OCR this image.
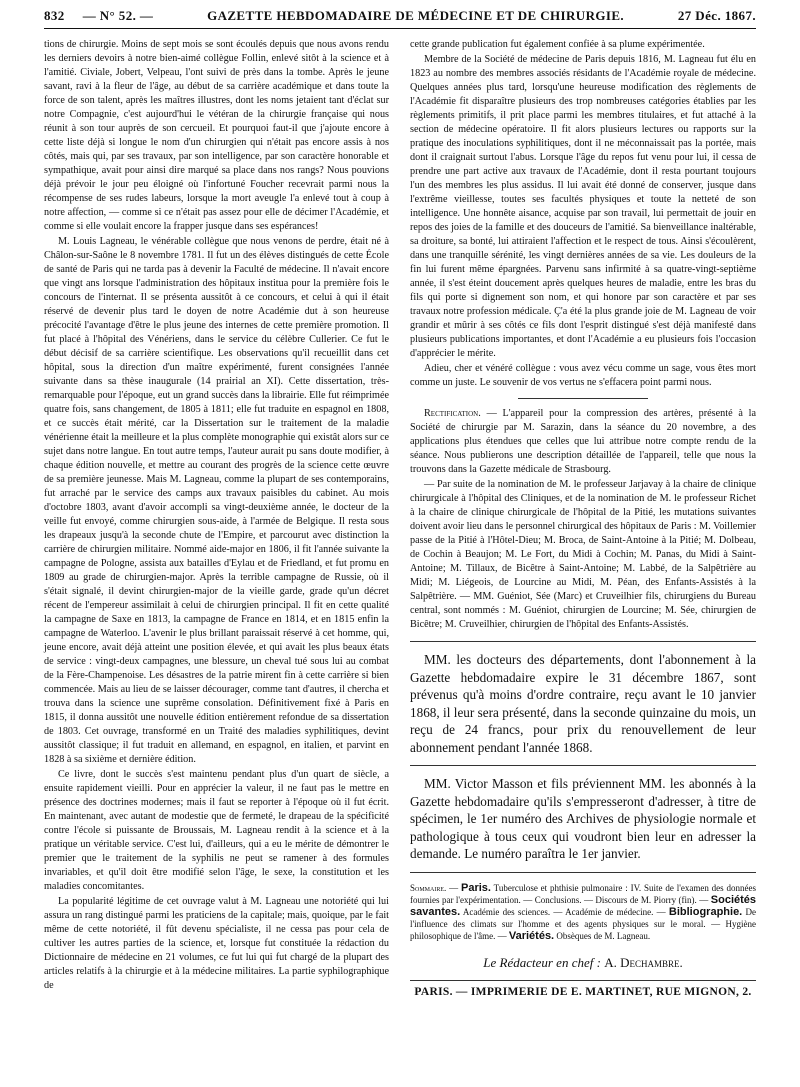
832 — N° 52. —	GAZETTE HEBDOMADAIRE DE MÉDECINE ET DE CHIRURGIE.	27 Déc. 1867.

tions de chirurgie. Moins de sept mois se sont écoulés depuis que nous avons rendu les derniers devoirs à notre bien-aimé collègue Follin, enlevé sitôt à la science et à l'amitié. Civiale, Jobert, Velpeau, l'ont suivi de près dans la tombe. Après le jeune savant, ravi à la fleur de l'âge, au début de sa carrière académique et dans toute la force de son talent, après les maîtres illustres, dont les noms jetaient tant d'éclat sur notre Compagnie, c'est aujourd'hui le vétéran de la chirurgie française qui nous réunit à son tour auprès de son cercueil. Et pourquoi faut-il que j'ajoute encore à cette liste déjà si longue le nom d'un chirurgien qui n'était pas encore assis à nos côtés, mais qui, par ses travaux, par son intelligence, par son caractère honorable et sympathique, avait pour ainsi dire marqué sa place dans nos rangs? Nous pouvions déjà prévoir le jour peu éloigné où l'infortuné Foucher recevrait parmi nous la récompense de ses rudes labeurs, lorsque la mort aveugle l'a enlevé tout à coup à notre affection, — comme si ce n'était pas assez pour elle de décimer l'Académie, et comme si elle voulait encore la frapper jusque dans ses espérances!

M. Louis Lagneau, le vénérable collègue que nous venons de perdre, était né à Châlon-sur-Saône le 8 novembre 1781. Il fut un des élèves distingués de cette École de santé de Paris qui ne tarda pas à devenir la Faculté de médecine. Il n'avait encore que vingt ans lorsque l'administration des hôpitaux institua pour la première fois le concours de l'internat. Il se présenta aussitôt à ce concours, et celui à qui il était réservé de devenir plus tard le doyen de notre Académie dut à son heureuse précocité l'avantage d'être le plus jeune des internes de cette première promotion. Il fut placé à l'hôpital des Vénériens, dans le service du célèbre Cullerier. Ce fut le début décisif de sa carrière scientifique. Les observations qu'il recueillit dans cet hôpital, sous la direction d'un maître expérimenté, furent consignées l'année suivante dans sa thèse inaugurale (14 prairial an XI). Cette dissertation, très-remarquable pour l'époque, eut un grand succès dans la librairie. Elle fut réimprimée quatre fois, sans changement, de 1805 à 1811; elle fut traduite en espagnol en 1808, et ce succès était mérité, car la Dissertation sur le traitement de la maladie vénérienne était la meilleure et la plus complète monographie qui existât alors sur ce sujet dans notre langue. En tout autre temps, l'auteur aurait pu sans doute modifier, à chaque édition nouvelle, et mettre au courant des progrès de la science cette œuvre de sa première jeunesse. Mais M. Lagneau, comme la plupart de ses contemporains, fut arraché par le service des camps aux travaux paisibles du cabinet. Au mois d'octobre 1803, avant d'avoir accompli sa vingt-deuxième année, le docteur de la veille fut envoyé, comme chirurgien sous-aide, à l'armée de Belgique. Il resta sous les drapeaux jusqu'à la seconde chute de l'Empire, et parcourut avec distinction la carrière de chirurgien militaire. Nommé aide-major en 1806, il fit l'année suivante la campagne de Pologne, assista aux batailles d'Eylau et de Friedland, et fut promu en 1809 au grade de chirurgien-major. Après la terrible campagne de Russie, où il s'était signalé, il devint chirurgien-major de la vieille garde, grade qu'un décret récent de l'empereur assimilait à celui de chirurgien principal. Il fit en cette qualité la campagne de Saxe en 1813, la campagne de France en 1814, et en 1815 enfin la campagne de Waterloo. L'avenir le plus brillant paraissait réservé à cet homme, qui, jeune encore, avait déjà atteint une position élevée, et qui avait les plus beaux états de service : vingt-deux campagnes, une blessure, un cheval tué sous lui au combat de la Fère-Champenoise. Les désastres de la patrie mirent fin à cette carrière si bien commencée. Mais au lieu de se laisser décourager, comme tant d'autres, il chercha et trouva dans la science une suprême consolation. Définitivement fixé à Paris en 1815, il donna aussitôt une nouvelle édition entièrement refondue de sa dissertation de 1803. Cet ouvrage, transformé en un Traité des maladies syphilitiques, devint aussitôt classique; il fut traduit en allemand, en espagnol, en italien, et parvint en 1828 à sa sixième et dernière édition.

Ce livre, dont le succès s'est maintenu pendant plus d'un quart de siècle, a ensuite rapidement vieilli. Pour en apprécier la valeur, il ne faut pas le mettre en présence des doctrines modernes; mais il faut se reporter à l'époque où il fut écrit. En maintenant, avec autant de modestie que de fermeté, le drapeau de la spécificité contre l'école si puissante de Broussais, M. Lagneau rendit à la science et à la pratique un véritable service. C'est lui, d'ailleurs, qui a eu le mérite de démontrer le premier que le traitement de la syphilis ne peut se ramener à des formules invariables, et qu'il doit être modifié selon l'âge, le sexe, la constitution et les maladies concomitantes.

La popularité légitime de cet ouvrage valut à M. Lagneau une notoriété qui lui assura un rang distingué parmi les praticiens de la capitale; mais, quoique, par le fait même de cette notoriété, il fût devenu spécialiste, il ne cessa pas pour cela de cultiver les autres parties de la science, et, lorsque fut constituée la rédaction du Dictionnaire de médecine en 21 volumes, ce fut lui qui fut chargé de la plupart des articles relatifs à la chirurgie et à la médecine militaires. La partie syphilographique de

cette grande publication fut également confiée à sa plume expérimentée.

Membre de la Société de médecine de Paris depuis 1816, M. Lagneau fut élu en 1823 au nombre des membres associés résidants de l'Académie royale de médecine. Quelques années plus tard, lorsqu'une heureuse modification des règlements de l'Académie fit disparaître plusieurs des trop nombreuses catégories établies par les règlements primitifs, il prit place parmi les membres titulaires, et fut attaché à la section de médecine opératoire. Il fit alors plusieurs lectures ou rapports sur la pratique des inoculations syphilitiques, dont il ne méconnaissait pas la portée, mais dont il craignait surtout l'abus. Lorsque l'âge du repos fut venu pour lui, il cessa de prendre une part active aux travaux de l'Académie, dont il resta pourtant toujours l'un des membres les plus assidus. Il lui avait été donné de conserver, jusque dans l'extrême vieillesse, toutes ses facultés physiques et toute la netteté de son intelligence. Une honnête aisance, acquise par son travail, lui permettait de jouir en repos des joies de la famille et des douceurs de l'amitié. Sa bienveillance inaltérable, sa droiture, sa bonté, lui attiraient l'affection et le respect de tous. Ainsi s'écoulèrent, dans une tranquille sérénité, les vingt dernières années de sa vie. Les douleurs de la fin lui furent même épargnées. Parvenu sans infirmité à sa quatre-vingt-septième année, il s'est éteint doucement après quelques heures de maladie, entre les bras du fils qui porte si dignement son nom, et qui honore par son caractère et par ses travaux notre profession médicale. Ç'a été la plus grande joie de M. Lagneau de voir grandir et mûrir à ses côtés ce fils dont l'esprit distingué s'est déjà manifesté dans plusieurs publications importantes, et dont l'Académie a eu plusieurs fois l'occasion d'apprécier le mérite.

Adieu, cher et vénéré collègue : vous avez vécu comme un sage, vous êtes mort comme un juste. Le souvenir de vos vertus ne s'effacera point parmi nous.

Rectification. — L'appareil pour la compression des artères, présenté à la Société de chirurgie par M. Sarazin, dans la séance du 20 novembre, a des applications plus étendues que celles que lui attribue notre compte rendu de la séance. Nous publierons une description détaillée de l'appareil, telle que nous la trouvons dans la Gazette médicale de Strasbourg.

— Par suite de la nomination de M. le professeur Jarjavay à la chaire de clinique chirurgicale à l'hôpital des Cliniques, et de la nomination de M. le professeur Richet à la chaire de clinique chirurgicale de l'hôpital de la Pitié, les mutations suivantes doivent avoir lieu dans le personnel chirurgical des hôpitaux de Paris : M. Voillemier passe de la Pitié à l'Hôtel-Dieu; M. Broca, de Saint-Antoine à la Pitié; M. Dolbeau, de Cochin à Beaujon; M. Le Fort, du Midi à Cochin; M. Panas, du Midi à Saint-Antoine; M. Tillaux, de Bicêtre à Saint-Antoine; M. Labbé, de la Salpêtrière au Midi; M. Liégeois, de Lourcine au Midi, M. Péan, des Enfants-Assistés à la Salpêtrière. — MM. Guéniot, Sée (Marc) et Cruveilhier fils, chirurgiens du Bureau central, sont nommés : M. Guéniot, chirurgien de Lourcine; M. Sée, chirurgien de Bicêtre; M. Cruveilhier, chirurgien de l'hôpital des Enfants-Assistés.

MM. les docteurs des départements, dont l'abonnement à la Gazette hebdomadaire expire le 31 décembre 1867, sont prévenus qu'à moins d'ordre contraire, reçu avant le 10 janvier 1868, il leur sera présenté, dans la seconde quinzaine du mois, un reçu de 24 francs, pour prix du renouvellement de leur abonnement pendant l'année 1868.

MM. Victor Masson et fils préviennent MM. les abonnés à la Gazette hebdomadaire qu'ils s'empresseront d'adresser, à titre de spécimen, le 1er numéro des Archives de physiologie normale et pathologique à tous ceux qui voudront bien leur en adresser la demande. Le numéro paraîtra le 1er janvier.

Sommaire. — Paris. Tuberculose et phthisie pulmonaire : IV. Suite de l'examen des données fournies par l'expérimentation. — Conclusions. — Discours de M. Piorry (fin). — Sociétés savantes. Académie des sciences. — Académie de médecine. — Bibliographie. De l'influence des climats sur l'homme et des agents physiques sur le moral. — Hygiène philosophique de l'âme. — Variétés. Obsèques de M. Lagneau.
Le Rédacteur en chef : A. Dechambre.
PARIS. — IMPRIMERIE DE E. MARTINET, RUE MIGNON, 2.
